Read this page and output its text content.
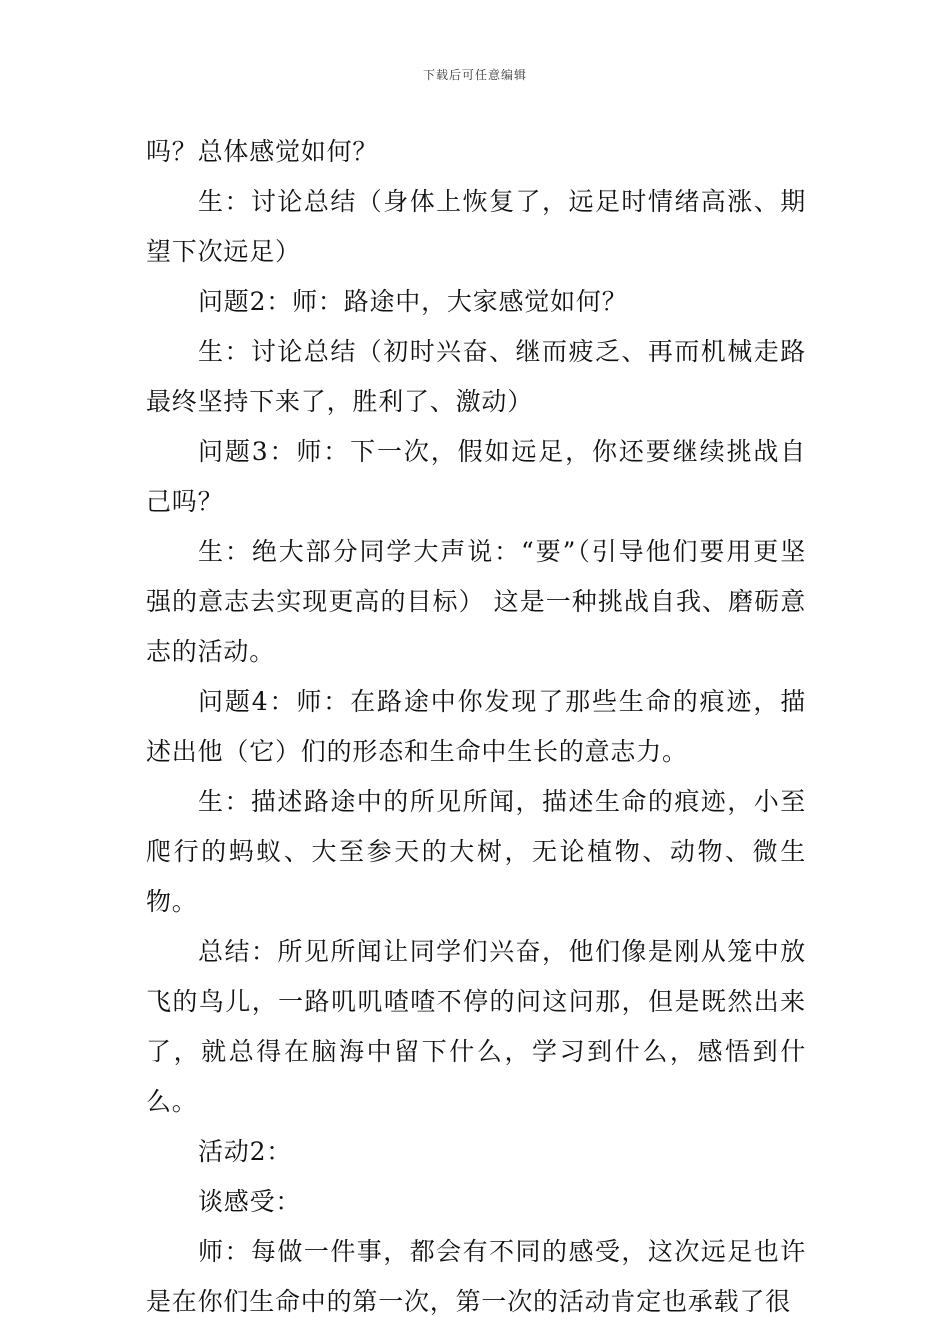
下载后可任意编辑

吗？总体感觉如何？

生：讨论总结（身体上恢复了，远足时情绪高涨、期望下次远足）

问题2：师：路途中，大家感觉如何？

生：讨论总结（初时兴奋、继而疲乏、再而机械走路最终坚持下来了，胜利了、激动）

问题3：师：下一次，假如远足，你还要继续挑战自己吗？

生：绝大部分同学大声说：“要”（引导他们要用更坚强的意志去实现更高的目标） 这是一种挑战自我、磨砺意志的活动。

问题4：师：在路途中你发现了那些生命的痕迹，描述出他（它）们的形态和生命中生长的意志力。

生：描述路途中的所见所闻，描述生命的痕迹，小至爬行的蚂蚁、大至参天的大树，无论植物、动物、微生物。

总结：所见所闻让同学们兴奋，他们像是刚从笼中放飞的鸟儿，一路叽叽喳喳不停的问这问那，但是既然出来了，就总得在脑海中留下什么，学习到什么，感悟到什么。

活动2：

谈感受：

师：每做一件事，都会有不同的感受，这次远足也许是在你们生命中的第一次，第一次的活动肯定也承载了很
